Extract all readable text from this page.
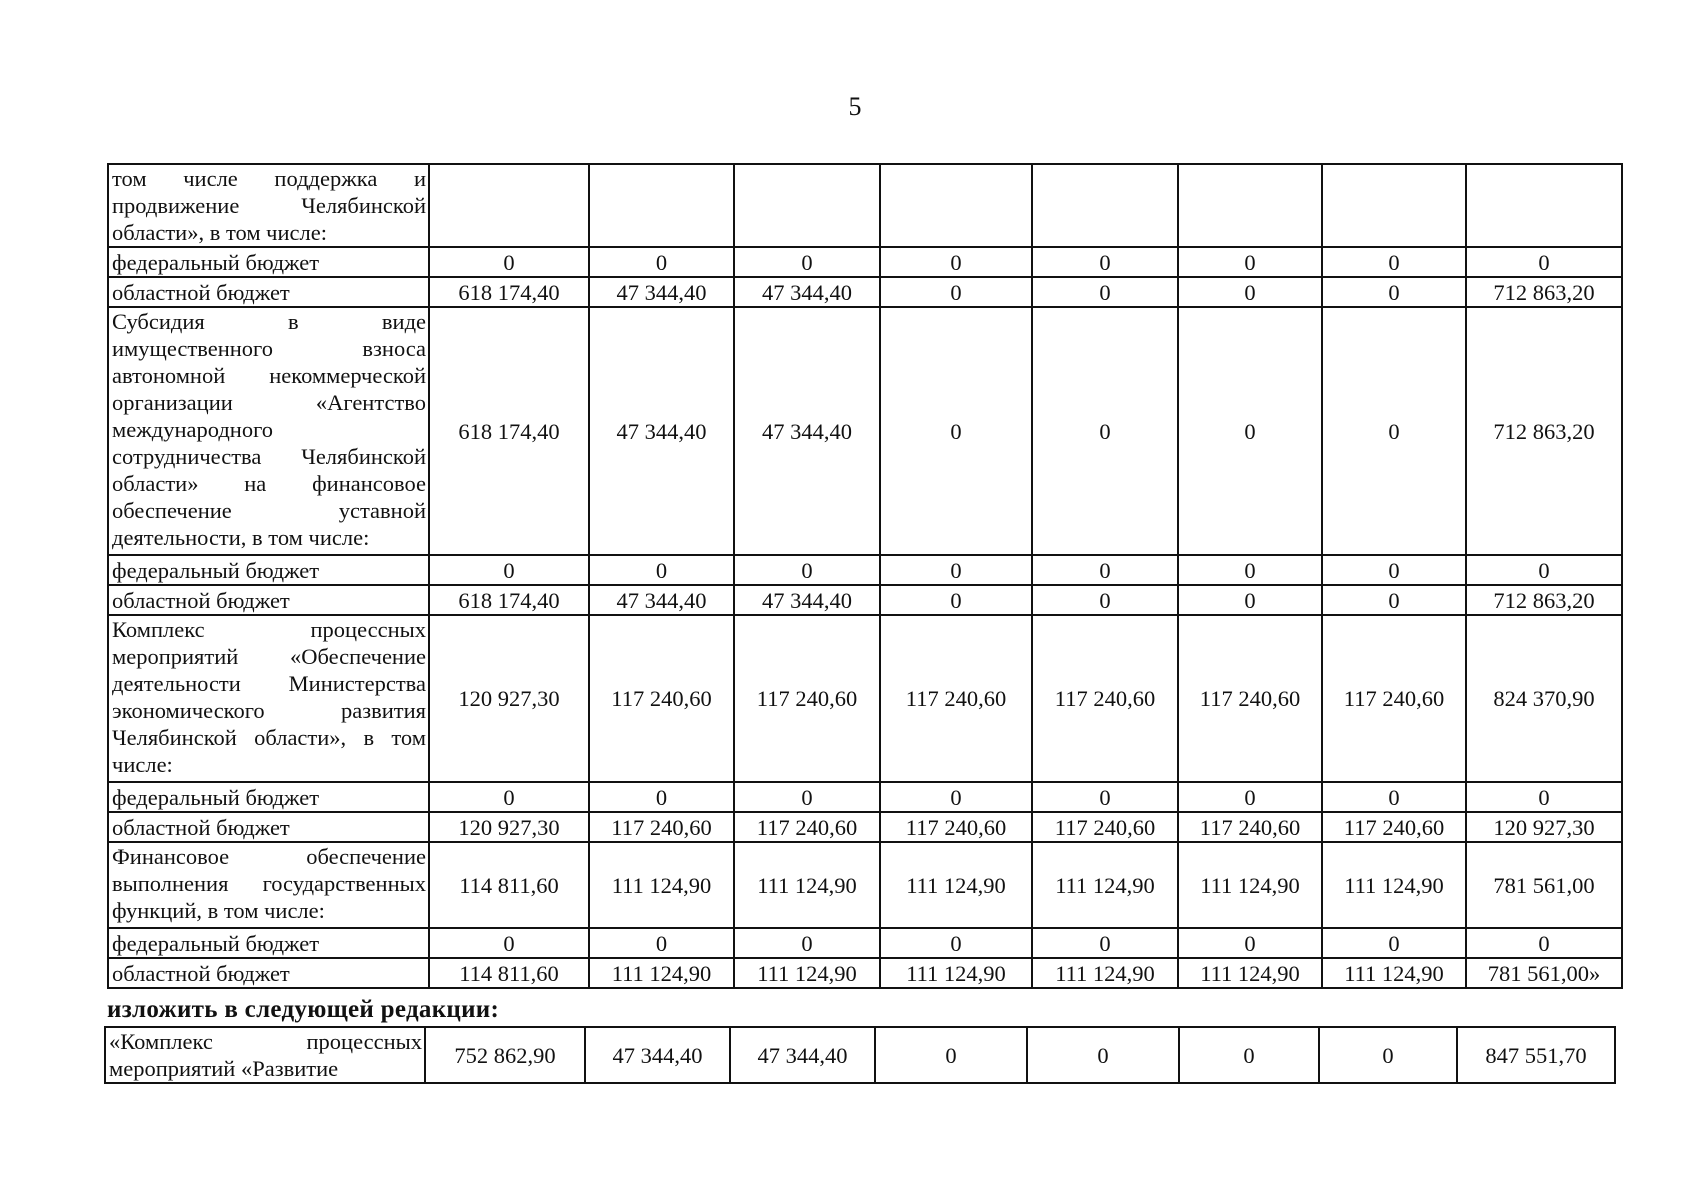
5
том числе поддержка и продвижение Челябинской области», в том числе:								
федеральный бюджет	0	0	0	0	0	0	0	0
областной бюджет	618 174,40	47 344,40	47 344,40	0	0	0	0	712 863,20
Субсидия в виде имущественного взноса автономной некоммерческой организации «Агентство международного сотрудничества Челябинской области» на финансовое обеспечение уставной деятельности, в том числе:	618 174,40	47 344,40	47 344,40	0	0	0	0	712 863,20
федеральный бюджет	0	0	0	0	0	0	0	0
областной бюджет	618 174,40	47 344,40	47 344,40	0	0	0	0	712 863,20
Комплекс процессных мероприятий «Обеспечение деятельности Министерства экономического развития Челябинской области», в том числе:	120 927,30	117 240,60	117 240,60	117 240,60	117 240,60	117 240,60	117 240,60	824 370,90
федеральный бюджет	0	0	0	0	0	0	0	0
областной бюджет	120 927,30	117 240,60	117 240,60	117 240,60	117 240,60	117 240,60	117 240,60	120 927,30
Финансовое обеспечение выполнения государственных функций, в том числе:	114 811,60	111 124,90	111 124,90	111 124,90	111 124,90	111 124,90	111 124,90	781 561,00
федеральный бюджет	0	0	0	0	0	0	0	0
областной бюджет	114 811,60	111 124,90	111 124,90	111 124,90	111 124,90	111 124,90	111 124,90	781 561,00»
изложить в следующей редакции:
«Комплекс процессных мероприятий «Развитие	752 862,90	47 344,40	47 344,40	0	0	0	0	847 551,70
